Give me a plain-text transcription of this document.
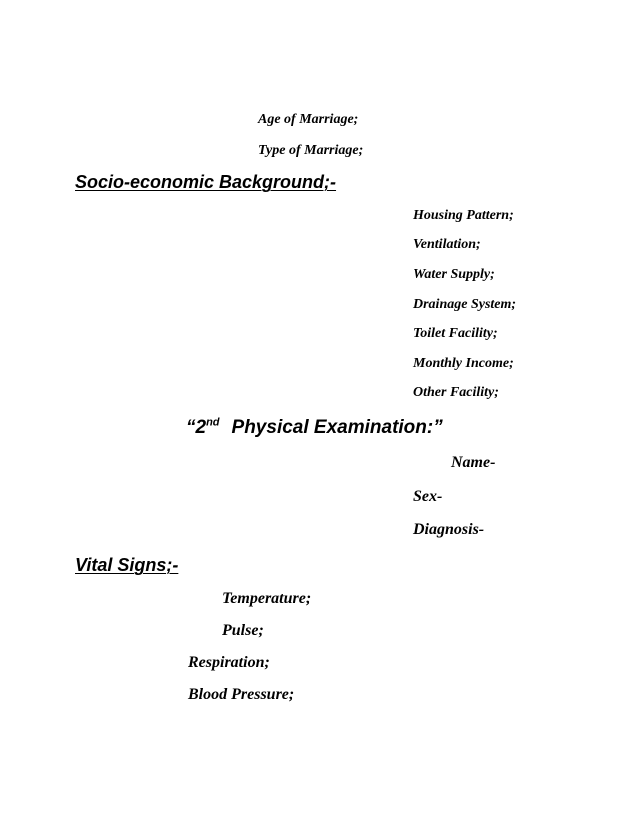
Age of Marriage;

Type of Marriage;

Socio-economic Background;-

Housing Pattern;

Ventilation;

Water Supply;

Drainage System;

Toilet Facility;

Monthly Income;

Other Facility;

“2nd Physical Examination:”

Name-

Sex-

Diagnosis-

Vital Signs;-

Temperature;

Pulse;

Respiration;

Blood Pressure;
